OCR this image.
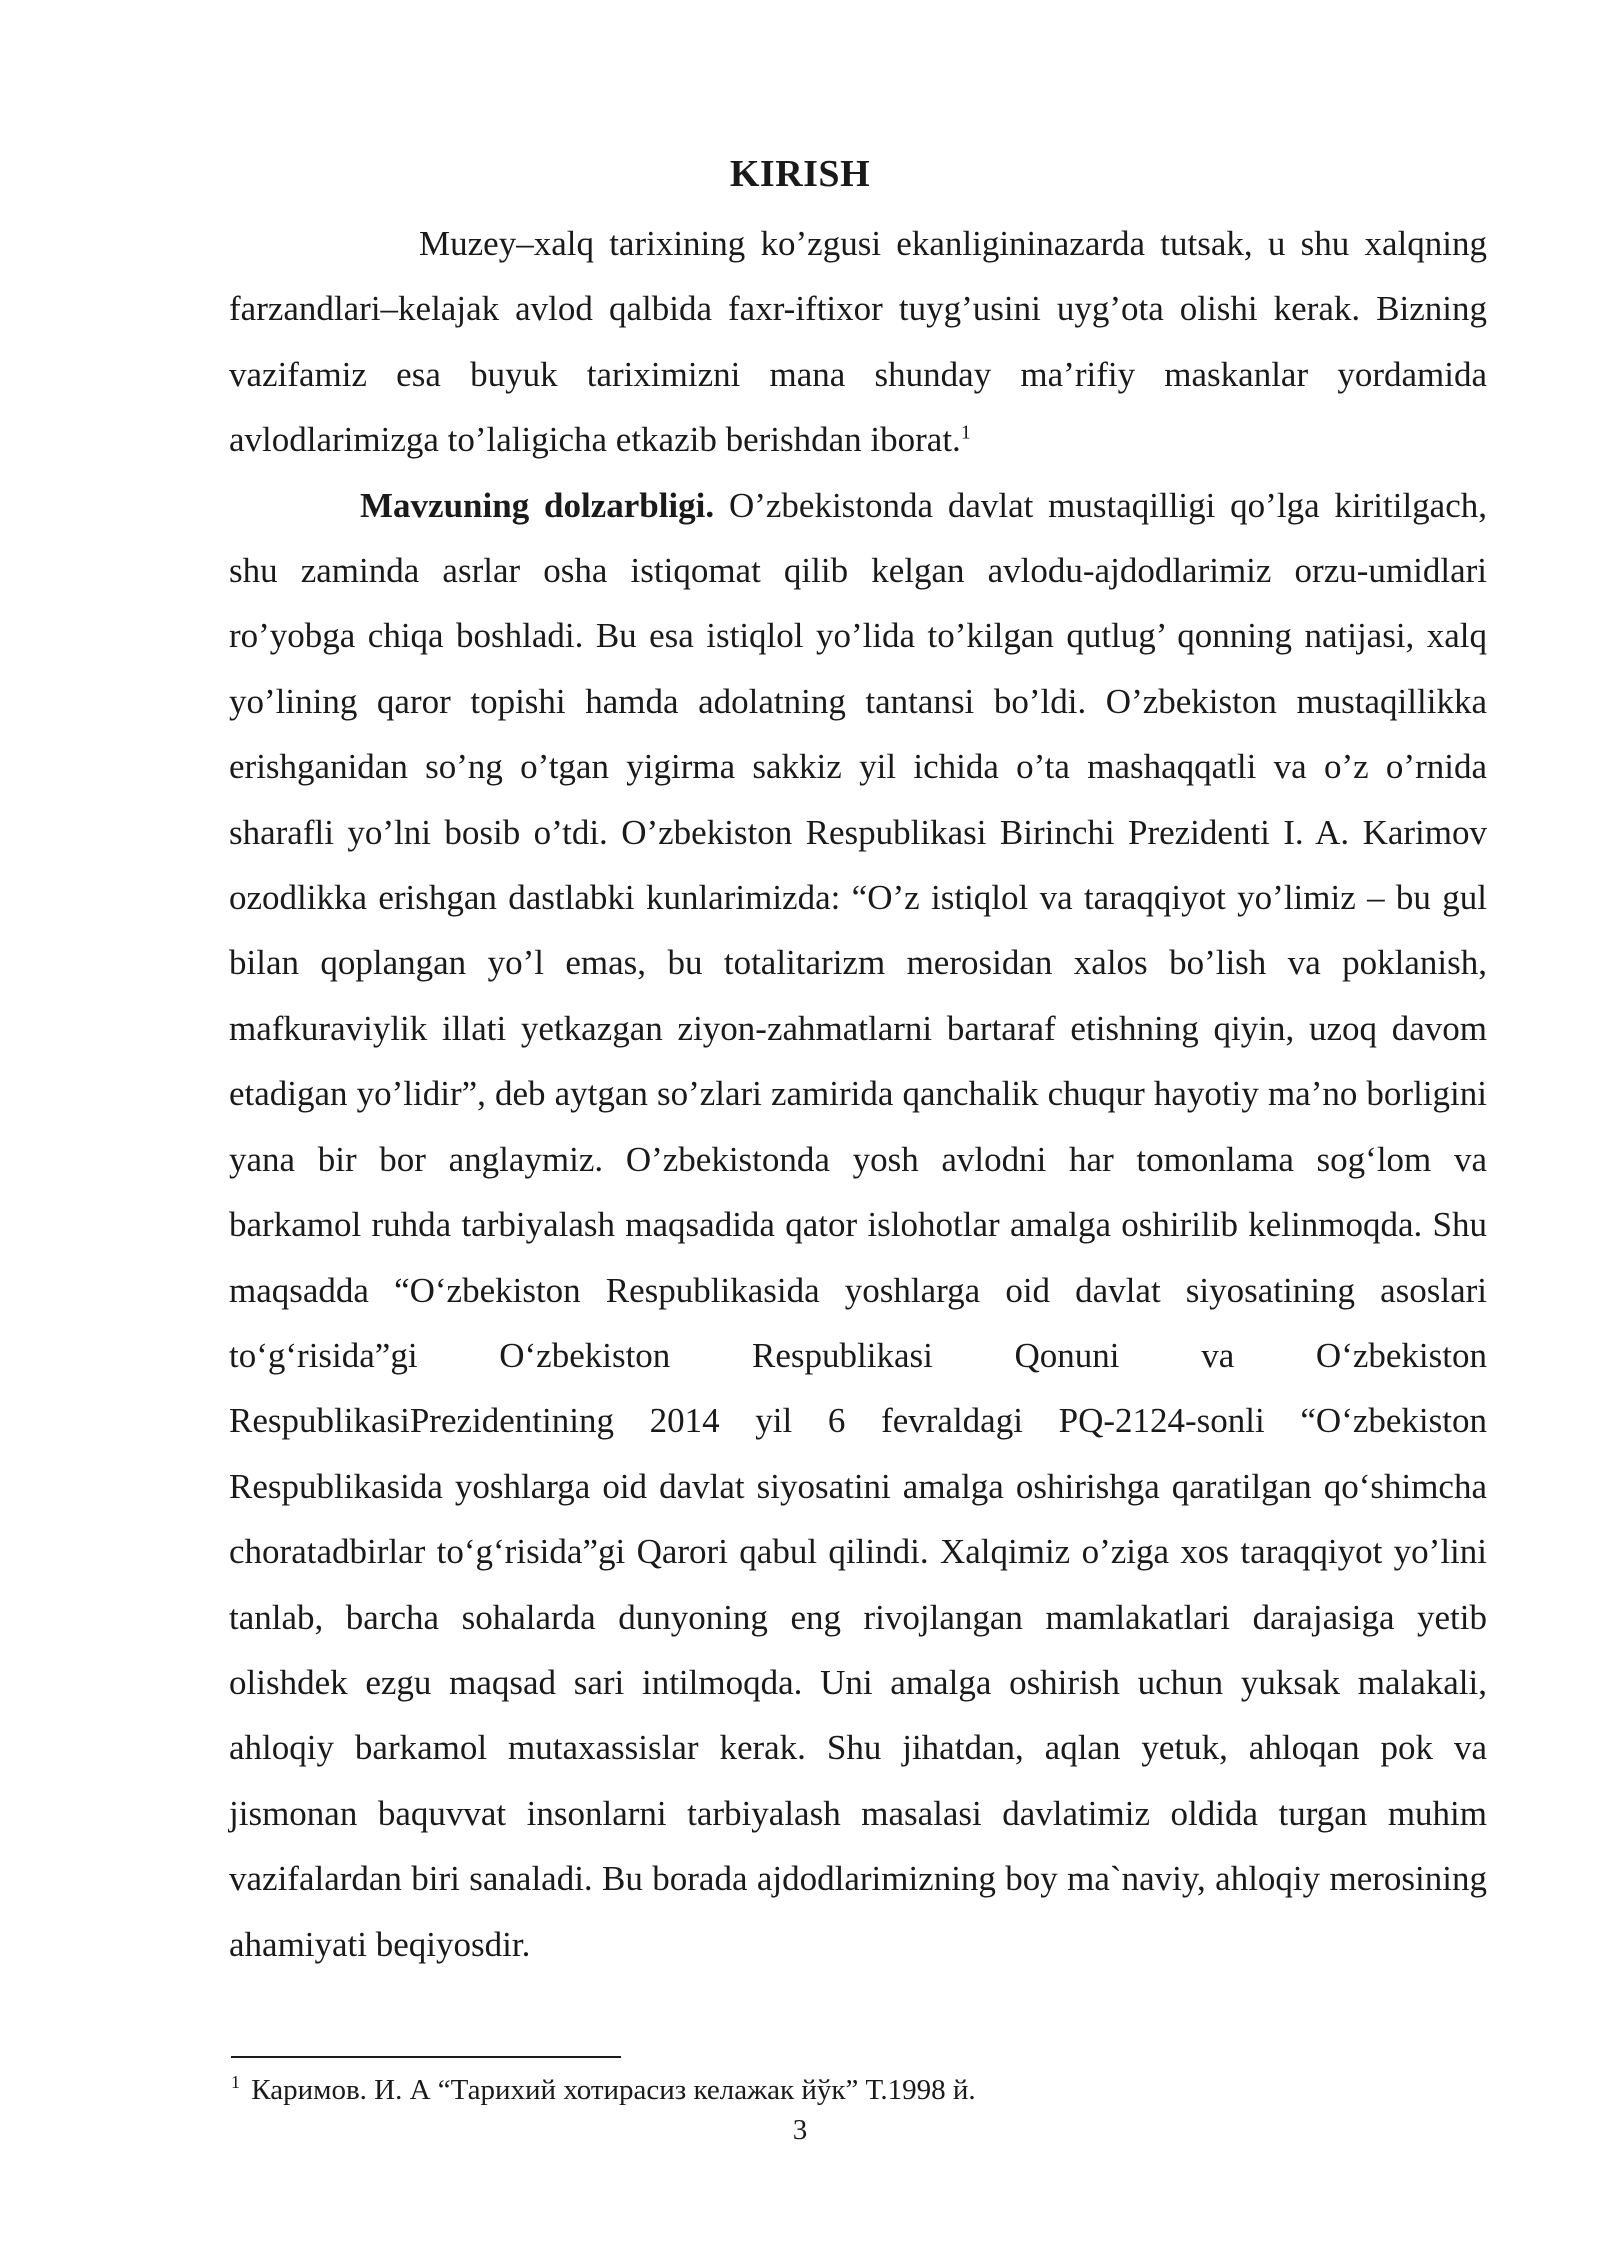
KIRISH

Muzey–xalq tarixining ko’zgusi ekanligininazarda tutsak, u shu xalqning farzandlari–kelajak avlod qalbida faxr-iftixor tuyg’usini uyg’ota olishi kerak. Bizning vazifamiz esa buyuk tariximizni mana shunday ma’rifiy maskanlar yordamida avlodlarimizga to’laligicha etkazib berishdan iborat.$^1$

Mavzuning dolzarbligi. O’zbekistonda davlat mustaqilligi qo’lga kiritilgach, shu zaminda asrlar osha istiqomat qilib kelgan avlodu-ajdodlarimiz orzu-umidlari ro’yobga chiqa boshladi. Bu esa istiqlol yo’lida to’kilgan qutlug’ qonning natijasi, xalq yo’lining qaror topishi hamda adolatning tantansi bo’ldi. O’zbekiston mustaqillikka erishganidan so’ng o’tgan yigirma sakkiz yil ichida o’ta mashaqqatli va o’z o’rnida sharafli yo’lni bosib o’tdi. O’zbekiston Respublikasi Birinchi Prezidenti I. A. Karimov ozodlikka erishgan dastlabki kunlarimizda: “O’z istiqlol va taraqqiyot yo’limiz – bu gul bilan qoplangan yo’l emas, bu totalitarizm merosidan xalos bo’lish va poklanish, mafkuraviylik illati yetkazgan ziyon-zahmatlarni bartaraf etishning qiyin, uzoq davom etadigan yo’lidir”, deb aytgan so’zlari zamirida qanchalik chuqur hayotiy ma’no borligini yana bir bor anglaymiz. O’zbekistonda yosh avlodni har tomonlama sog‘lom va barkamol ruhda tarbiyalash maqsadida qator islohotlar amalga oshirilib kelinmoqda. Shu maqsadda “O‘zbekiston Respublikasida yoshlarga oid davlat siyosatining asoslari to‘g‘risida”gi O‘zbekiston Respublikasi Qonuni va O‘zbekiston RespublikasiPrezidentining 2014 yil 6 fevraldagi PQ-2124-sonli “O‘zbekiston Respublikasida yoshlarga oid davlat siyosatini amalga oshirishga qaratilgan qo‘shimcha choratadbirlar to‘g‘risida”gi Qarori qabul qilindi. Xalqimiz o’ziga xos taraqqiyot yo’lini tanlab, barcha sohalarda dunyoning eng rivojlangan mamlakatlari darajasiga yetib olishdek ezgu maqsad sari intilmoqda. Uni amalga oshirish uchun yuksak malakali, ahloqiy barkamol mutaxassislar kerak. Shu jihatdan, aqlan yetuk, ahloqan pok va jismonan baquvvat insonlarni tarbiyalash masalasi davlatimiz oldida turgan muhim vazifalardan biri sanaladi. Bu borada ajdodlarimizning boy ma`naviy, ahloqiy merosining ahamiyati beqiyosdir.

$^1$ Каримов. И. А “Тарихий хотирасиз келажак йўк” Т.1998 й.
3
